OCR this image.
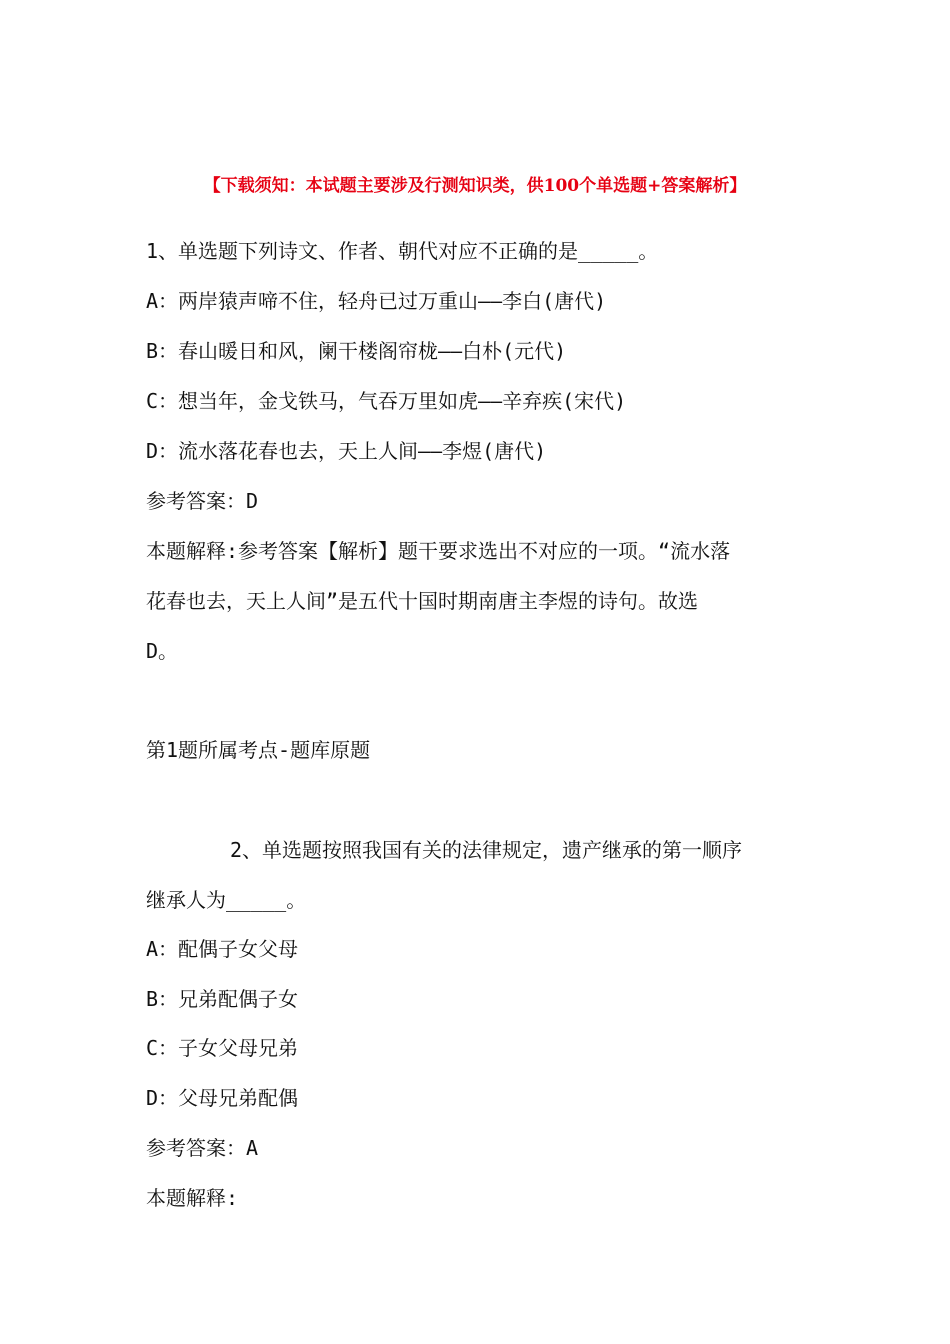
【下载须知：本试题主要涉及行测知识类，供100个单选题+答案解析】
1、单选题下列诗文、作者、朝代对应不正确的是_____。
A：两岸猿声啼不住，轻舟已过万重山——李白(唐代)
B：春山暖日和风，阑干楼阁帘栊——白朴(元代)
C：想当年，金戈铁马，气吞万里如虎——辛弃疾(宋代)
D：流水落花春也去，天上人间——李煜(唐代)
参考答案：D
本题解释:参考答案【解析】题干要求选出不对应的一项。“流水落
花春也去，天上人间”是五代十国时期南唐主李煜的诗句。故选
D。
第1题所属考点-题库原题
2、单选题按照我国有关的法律规定，遗产继承的第一顺序
继承人为_____。
A：配偶子女父母
B：兄弟配偶子女
C：子女父母兄弟
D：父母兄弟配偶
参考答案：A
本题解释:
